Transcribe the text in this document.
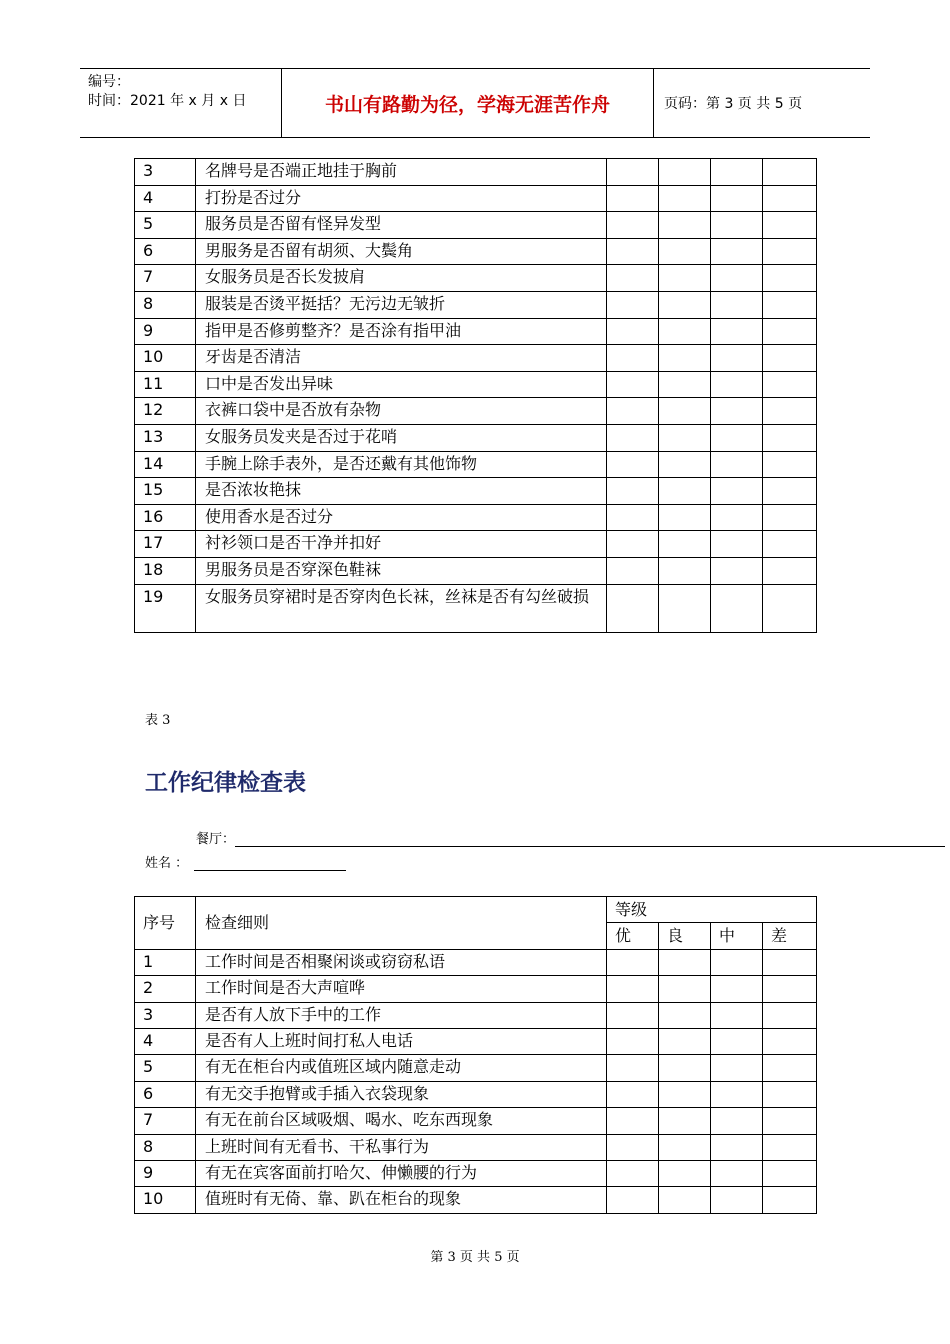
编号：
时间：2021 年 x 月 x 日	书山有路勤为径，学海无涯苦作舟	页码：第 3 页 共 5 页
3	名牌号是否端正地挂于胸前				
4	打扮是否过分				
5	服务员是否留有怪异发型				
6	男服务是否留有胡须、大鬓角				
7	女服务员是否长发披肩				
8	服装是否烫平挺括？无污边无皱折				
9	指甲是否修剪整齐？是否涂有指甲油				
10	牙齿是否清洁				
11	口中是否发出异味				
12	衣裤口袋中是否放有杂物				
13	女服务员发夹是否过于花哨				
14	手腕上除手表外，是否还戴有其他饰物				
15	是否浓妆艳抹				
16	使用香水是否过分				
17	衬衫领口是否干净并扣好				
18	男服务员是否穿深色鞋袜				
19	女服务员穿裙时是否穿肉色长袜，丝袜是否有勾丝破损				
表 3
工作纪律检查表
餐厅：
姓名 ：
序号	检查细则	等级			
		优	良	中	差
1	工作时间是否相聚闲谈或窃窃私语				
2	工作时间是否大声喧哗				
3	是否有人放下手中的工作				
4	是否有人上班时间打私人电话				
5	有无在柜台内或值班区域内随意走动				
6	有无交手抱臂或手插入衣袋现象				
7	有无在前台区域吸烟、喝水、吃东西现象				
8	上班时间有无看书、干私事行为				
9	有无在宾客面前打哈欠、伸懒腰的行为				
10	值班时有无倚、靠、趴在柜台的现象				
第 3 页 共 5 页
